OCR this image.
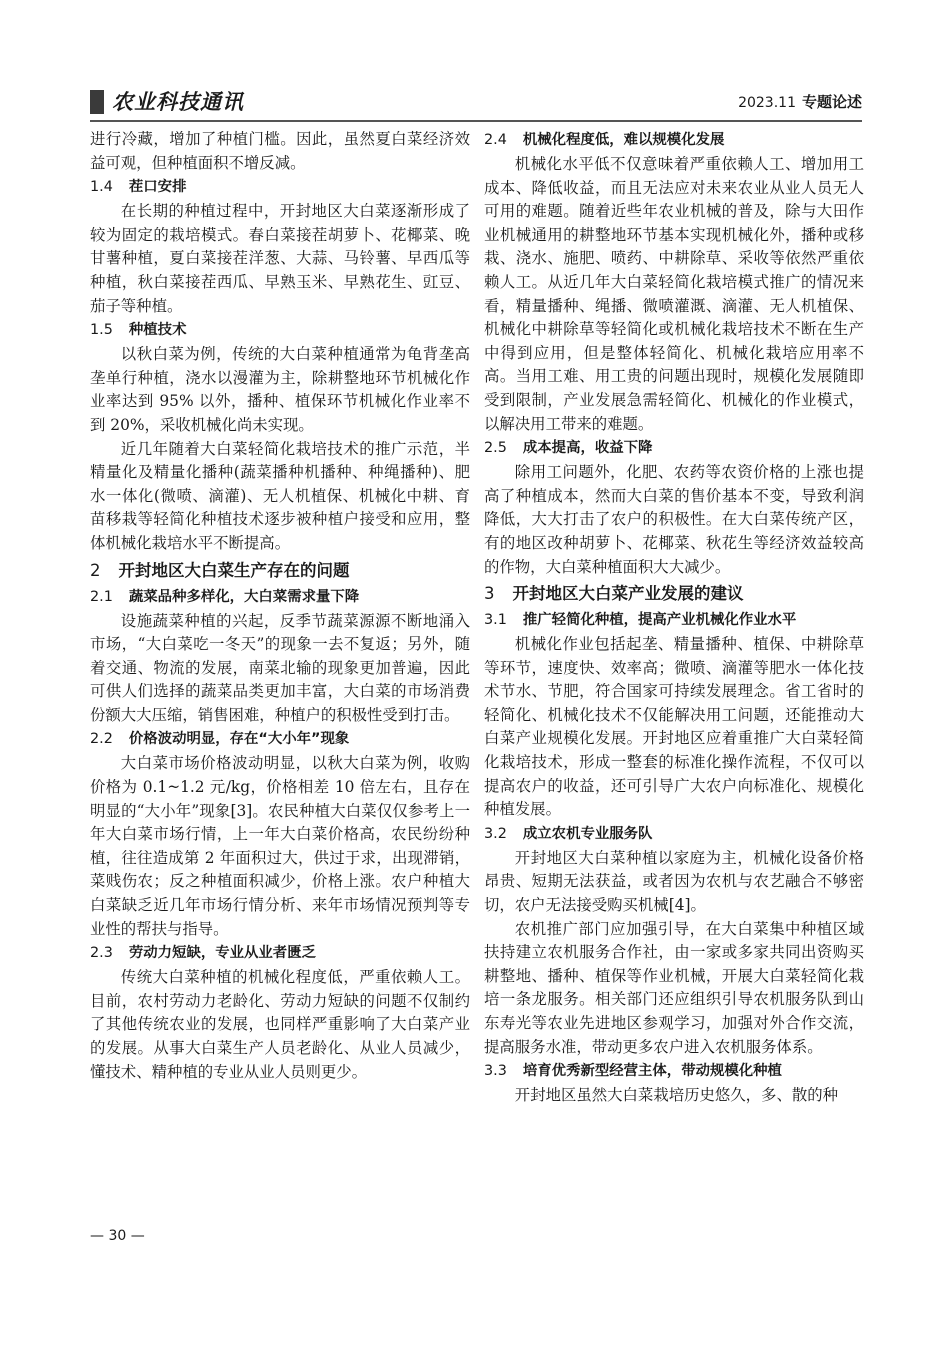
农业科技通讯	2023.11 专题论述

进行冷藏，增加了种植门槛。因此，虽然夏白菜经济效益可观，但种植面积不增反减。

1.4 茬口安排

在长期的种植过程中，开封地区大白菜逐渐形成了较为固定的栽培模式。春白菜接茬胡萝卜、花椰菜、晚甘薯种植，夏白菜接茬洋葱、大蒜、马铃薯、早西瓜等种植，秋白菜接茬西瓜、早熟玉米、早熟花生、豇豆、茄子等种植。

1.5 种植技术

以秋白菜为例，传统的大白菜种植通常为龟背垄高垄单行种植，浇水以漫灌为主，除耕整地环节机械化作业率达到 95% 以外，播种、植保环节机械化作业率不到 20%，采收机械化尚未实现。

近几年随着大白菜轻简化栽培技术的推广示范，半精量化及精量化播种(蔬菜播种机播种、种绳播种)、肥水一体化(微喷、滴灌)、无人机植保、机械化中耕、育苗移栽等轻简化种植技术逐步被种植户接受和应用，整体机械化栽培水平不断提高。

2 开封地区大白菜生产存在的问题
2.1 蔬菜品种多样化，大白菜需求量下降

设施蔬菜种植的兴起，反季节蔬菜源源不断地涌入市场，“大白菜吃一冬天”的现象一去不复返；另外，随着交通、物流的发展，南菜北输的现象更加普遍，因此可供人们选择的蔬菜品类更加丰富，大白菜的市场消费份额大大压缩，销售困难，种植户的积极性受到打击。

2.2 价格波动明显，存在“大小年”现象

大白菜市场价格波动明显，以秋大白菜为例，收购价格为 0.1~1.2 元/kg，价格相差 10 倍左右，且存在明显的“大小年”现象[3]。农民种植大白菜仅仅参考上一年大白菜市场行情，上一年大白菜价格高，农民纷纷种植，往往造成第 2 年面积过大，供过于求，出现滞销，菜贱伤农；反之种植面积减少，价格上涨。农户种植大白菜缺乏近几年市场行情分析、来年市场情况预判等专业性的帮扶与指导。

2.3 劳动力短缺，专业从业者匮乏

传统大白菜种植的机械化程度低，严重依赖人工。目前，农村劳动力老龄化、劳动力短缺的问题不仅制约了其他传统农业的发展，也同样严重影响了大白菜产业的发展。从事大白菜生产人员老龄化、从业人员减少，懂技术、精种植的专业从业人员则更少。

2.4 机械化程度低，难以规模化发展

机械化水平低不仅意味着严重依赖人工、增加用工成本、降低收益，而且无法应对未来农业从业人员无人可用的难题。随着近些年农业机械的普及，除与大田作业机械通用的耕整地环节基本实现机械化外，播种或移栽、浇水、施肥、喷药、中耕除草、采收等依然严重依赖人工。从近几年大白菜轻简化栽培模式推广的情况来看，精量播种、绳播、微喷灌溉、滴灌、无人机植保、机械化中耕除草等轻简化或机械化栽培技术不断在生产中得到应用，但是整体轻简化、机械化栽培应用率不高。当用工难、用工贵的问题出现时，规模化发展随即受到限制，产业发展急需轻简化、机械化的作业模式，以解决用工带来的难题。

2.5 成本提高，收益下降

除用工问题外，化肥、农药等农资价格的上涨也提高了种植成本，然而大白菜的售价基本不变，导致利润降低，大大打击了农户的积极性。在大白菜传统产区，有的地区改种胡萝卜、花椰菜、秋花生等经济效益较高的作物，大白菜种植面积大大减少。

3 开封地区大白菜产业发展的建议
3.1 推广轻简化种植，提高产业机械化作业水平

机械化作业包括起垄、精量播种、植保、中耕除草等环节，速度快、效率高；微喷、滴灌等肥水一体化技术节水、节肥，符合国家可持续发展理念。省工省时的轻简化、机械化技术不仅能解决用工问题，还能推动大白菜产业规模化发展。开封地区应着重推广大白菜轻简化栽培技术，形成一整套的标准化操作流程，不仅可以提高农户的收益，还可引导广大农户向标准化、规模化种植发展。

3.2 成立农机专业服务队

开封地区大白菜种植以家庭为主，机械化设备价格昂贵、短期无法获益，或者因为农机与农艺融合不够密切，农户无法接受购买机械[4]。

农机推广部门应加强引导，在大白菜集中种植区域扶持建立农机服务合作社，由一家或多家共同出资购买耕整地、播种、植保等作业机械，开展大白菜轻简化栽培一条龙服务。相关部门还应组织引导农机服务队到山东寿光等农业先进地区参观学习，加强对外合作交流，提高服务水准，带动更多农户进入农机服务体系。

3.3 培育优秀新型经营主体，带动规模化种植

开封地区虽然大白菜栽培历史悠久，多、散的种

— 30 —
